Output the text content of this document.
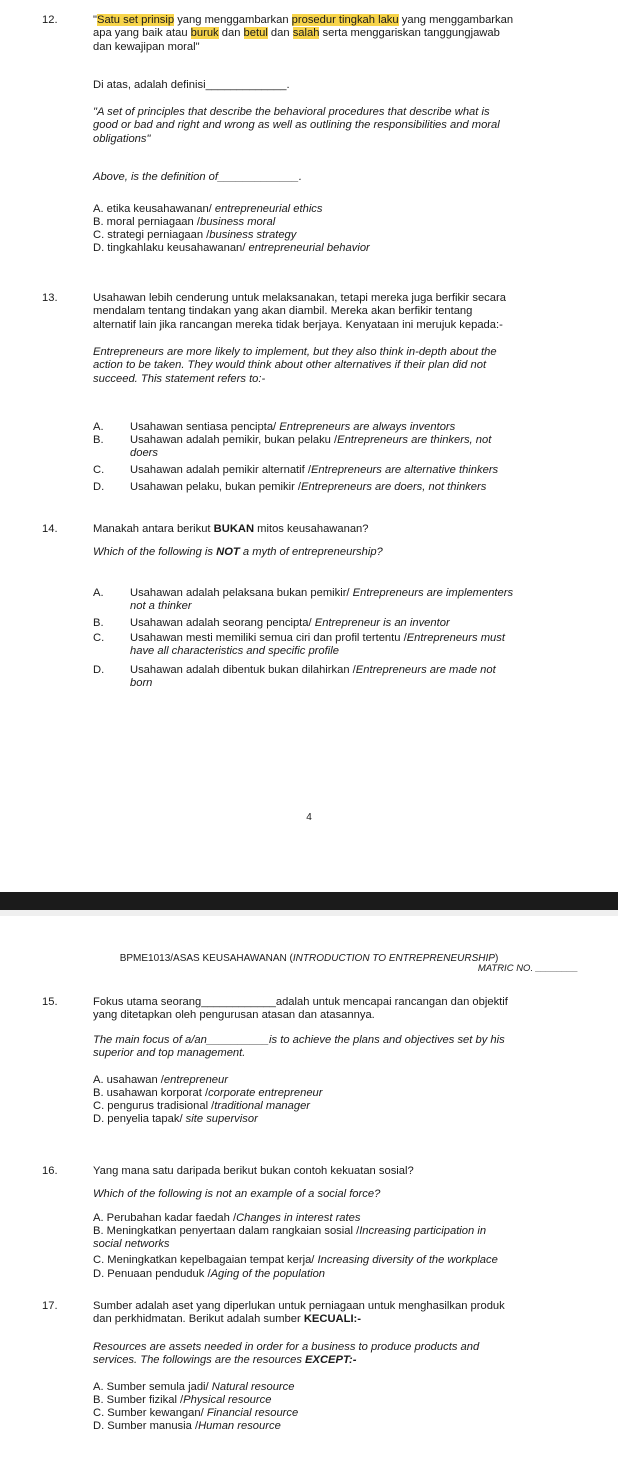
12.	"Satu set prinsip yang menggambarkan prosedur tingkah laku yang menggambarkan
apa yang baik atau buruk dan betul dan salah serta menggariskan tanggungjawab
dan kewajipan moral"
Di atas, adalah definisi_____________.
"A set of principles that describe the behavioral procedures that describe what is
good or bad and right and wrong as well as outlining the responsibilities and moral
obligations"
Above, is the definition of_____________.
A. etika keusahawanan/ entrepreneurial ethics
B. moral perniagaan /business moral
C. strategi perniagaan /business strategy
D. tingkahlaku keusahawanan/ entrepreneurial behavior
13.	Usahawan lebih cenderung untuk melaksanakan, tetapi mereka juga berfikir secara
mendalam tentang tindakan yang akan diambil. Mereka akan berfikir tentang
alternatif lain jika rancangan mereka tidak berjaya. Kenyataan ini merujuk kepada:-
Entrepreneurs are more likely to implement, but they also think in-depth about the
action to be taken. They would think about other alternatives if their plan did not
succeed. This statement refers to:-
A. Usahawan sentiasa pencipta/ Entrepreneurs are always inventors
B. Usahawan adalah pemikir, bukan pelaku /Entrepreneurs are thinkers, not
doers
C. Usahawan adalah pemikir alternatif /Entrepreneurs are alternative thinkers
D. Usahawan pelaku, bukan pemikir /Entrepreneurs are doers, not thinkers
14.	Manakah antara berikut BUKAN mitos keusahawanan?
Which of the following is NOT a myth of entrepreneurship?
A. Usahawan adalah pelaksana bukan pemikir/ Entrepreneurs are implementers
not a thinker
B. Usahawan adalah seorang pencipta/ Entrepreneur is an inventor
C. Usahawan mesti memiliki semua ciri dan profil tertentu /Entrepreneurs must
have all characteristics and specific profile
D. Usahawan adalah dibentuk bukan dilahirkan /Entrepreneurs are made not
born
4
BPME1013/ASAS KEUSAHAWANAN (INTRODUCTION TO ENTREPRENEURSHIP)
MATRIC NO. ________
15.	Fokus utama seorang____________adalah untuk mencapai rancangan dan objektif
yang ditetapkan oleh pengurusan atasan dan atasannya.
The main focus of a/an__________is to achieve the plans and objectives set by his
superior and top management.
A. usahawan /entrepreneur
B. usahawan korporat /corporate entrepreneur
C. pengurus tradisional /traditional manager
D. penyelia tapak/ site supervisor
16.	Yang mana satu daripada berikut bukan contoh kekuatan sosial?
Which of the following is not an example of a social force?
A. Perubahan kadar faedah /Changes in interest rates
B. Meningkatkan penyertaan dalam rangkaian sosial /Increasing participation in
social networks
C. Meningkatkan kepelbagaian tempat kerja/ Increasing diversity of the workplace
D. Penuaan penduduk /Aging of the population
17.	Sumber adalah aset yang diperlukan untuk perniagaan untuk menghasilkan produk
dan perkhidmatan. Berikut adalah sumber KECUALI:-
Resources are assets needed in order for a business to produce products and
services. The followings are the resources EXCEPT:-
A. Sumber semula jadi/ Natural resource
B. Sumber fizikal /Physical resource
C. Sumber kewangan/ Financial resource
D. Sumber manusia /Human resource
